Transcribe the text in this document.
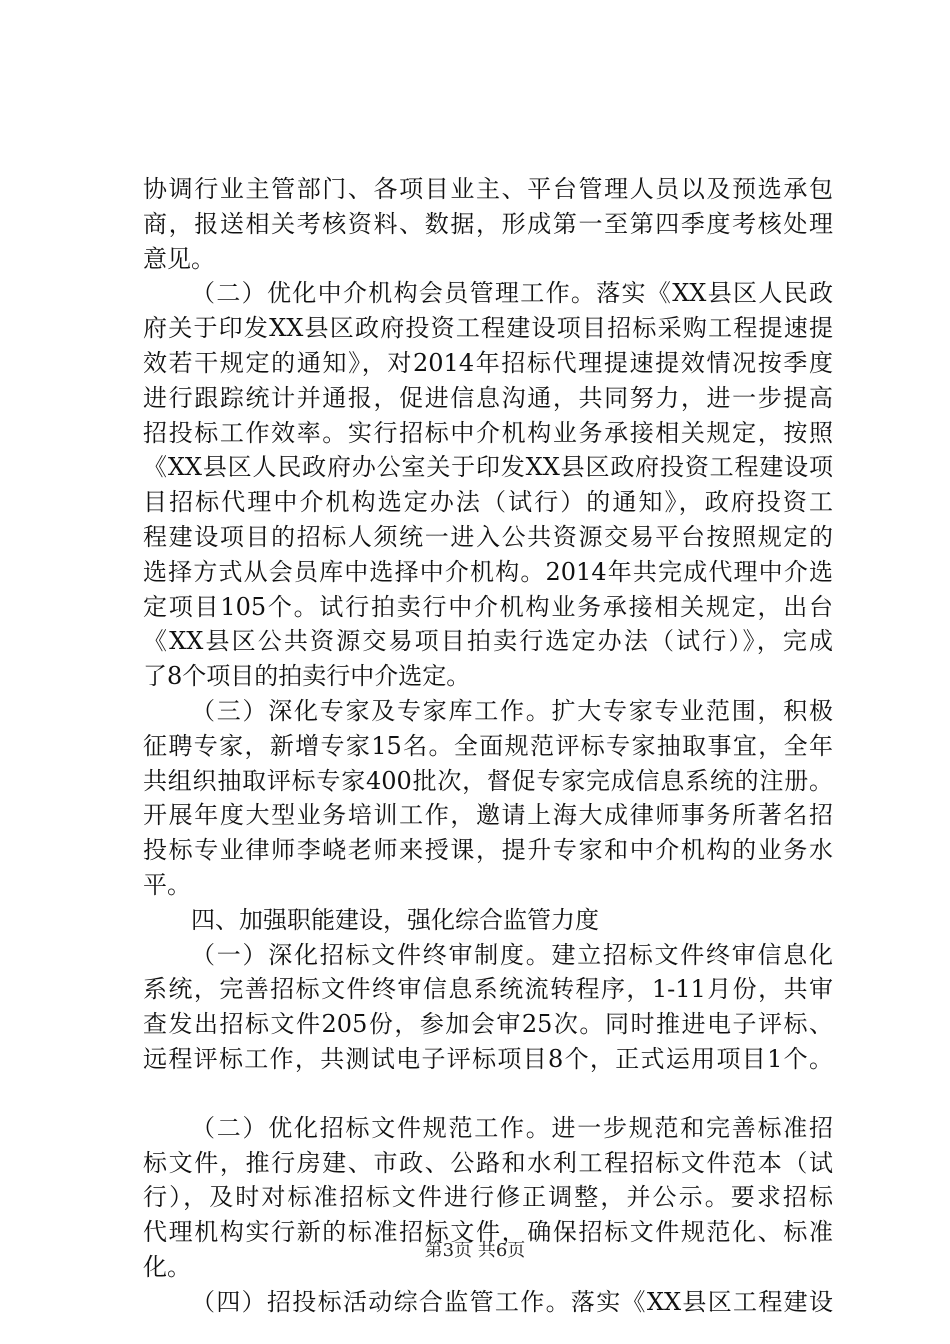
协调行业主管部门、各项目业主、平台管理人员以及预选承包
商，报送相关考核资料、数据，形成第一至第四季度考核处理
意见。
（二）优化中介机构会员管理工作。落实《XX县区人民政
府关于印发XX县区政府投资工程建设项目招标采购工程提速提
效若干规定的通知》，对2014年招标代理提速提效情况按季度
进行跟踪统计并通报，促进信息沟通，共同努力，进一步提高
招投标工作效率。实行招标中介机构业务承接相关规定，按照
《XX县区人民政府办公室关于印发XX县区政府投资工程建设项
目招标代理中介机构选定办法（试行）的通知》，政府投资工
程建设项目的招标人须统一进入公共资源交易平台按照规定的
选择方式从会员库中选择中介机构。2014年共完成代理中介选
定项目105个。试行拍卖行中介机构业务承接相关规定，出台
《XX县区公共资源交易项目拍卖行选定办法（试行）》，完成
了8个项目的拍卖行中介选定。
（三）深化专家及专家库工作。扩大专家专业范围，积极
征聘专家，新增专家15名。全面规范评标专家抽取事宜，全年
共组织抽取评标专家400批次，督促专家完成信息系统的注册。
开展年度大型业务培训工作，邀请上海大成律师事务所著名招
投标专业律师李峣老师来授课，提升专家和中介机构的业务水
平。
四、加强职能建设，强化综合监管力度
（一）深化招标文件终审制度。建立招标文件终审信息化
系统，完善招标文件终审信息系统流转程序，1-11月份，共审
查发出招标文件205份，参加会审25次。同时推进电子评标、
远程评标工作，共测试电子评标项目8个，正式运用项目1个。
（二）优化招标文件规范工作。进一步规范和完善标准招
标文件，推行房建、市政、公路和水利工程招标文件范本（试
行），及时对标准招标文件进行修正调整，并公示。要求招标
代理机构实行新的标准招标文件，确保招标文件规范化、标准
化。
（四）招投标活动综合监管工作。落实《XX县区工程建设
第3页 共6页
